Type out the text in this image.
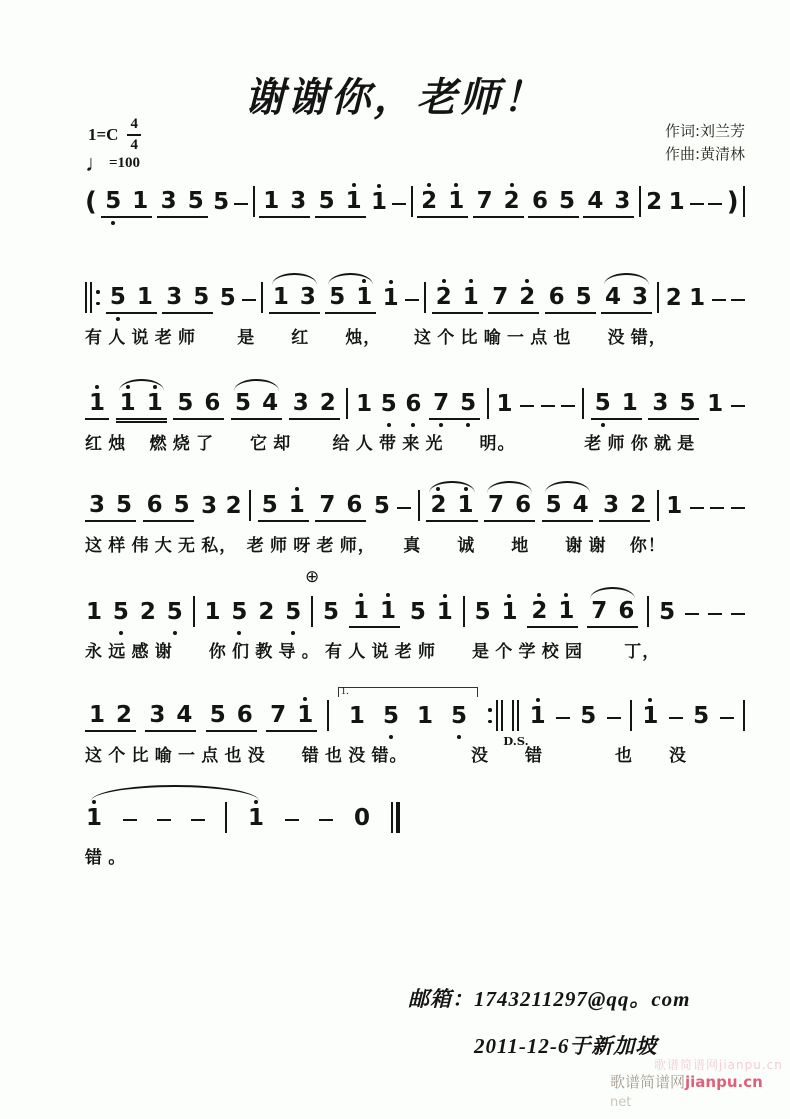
谢谢你，老师！
$1=C \frac{4}{4}$
♩ =100
作词:刘兰芳
作曲:黄清林
( 5 1 3 5 5 1 3 5 1 1 2 1 7 2 6 5 4 3 2 1 )
5 1 3 5 5 1 3 5 1 1 2 1 7 2 6 5 4 3 2 1
有 人 说 老 师　　 是　　红　　烛，　　 这 个 比 喻 一 点 也　　没 错，
1 1 1 5 6 5 4 3 2 1 5 6 7 5 1	5 1 3 5 1
红 烛　 燃 烧 了　　它 却　　 给 人 带 来 光　　明。　　　　 老 师 你 就 是
3 5 6 5 3 2 5 1 7 6 5 2 1 7 6 5 4 3 2 1
这 样 伟 大 无 私，　老 师 呀 老 师，　　真　　诚　　地　　谢 谢　 你！
1 5 2 5 1 5 2 5
⊕
5 1 1 5 1 5 1 2 1 7 6 5
永 远 感 谢　　你 们 教 导 。 有 人 说 老 师　　是 个 学 校 园　　 丁，
1 2 3 4 5 6 7 1
1.
1 5 1 5
D.S.
1 5 1 5
这 个 比 喻 一 点 也 没　　错 也 没 错。　　　　没　　错　　　　也　　没
1	1	0
错 。
邮箱：1743211297@qq。com
2011-12-6于新加坡
歌谱简谱网jianpu.cn
歌谱简谱网jianpu.cn net
